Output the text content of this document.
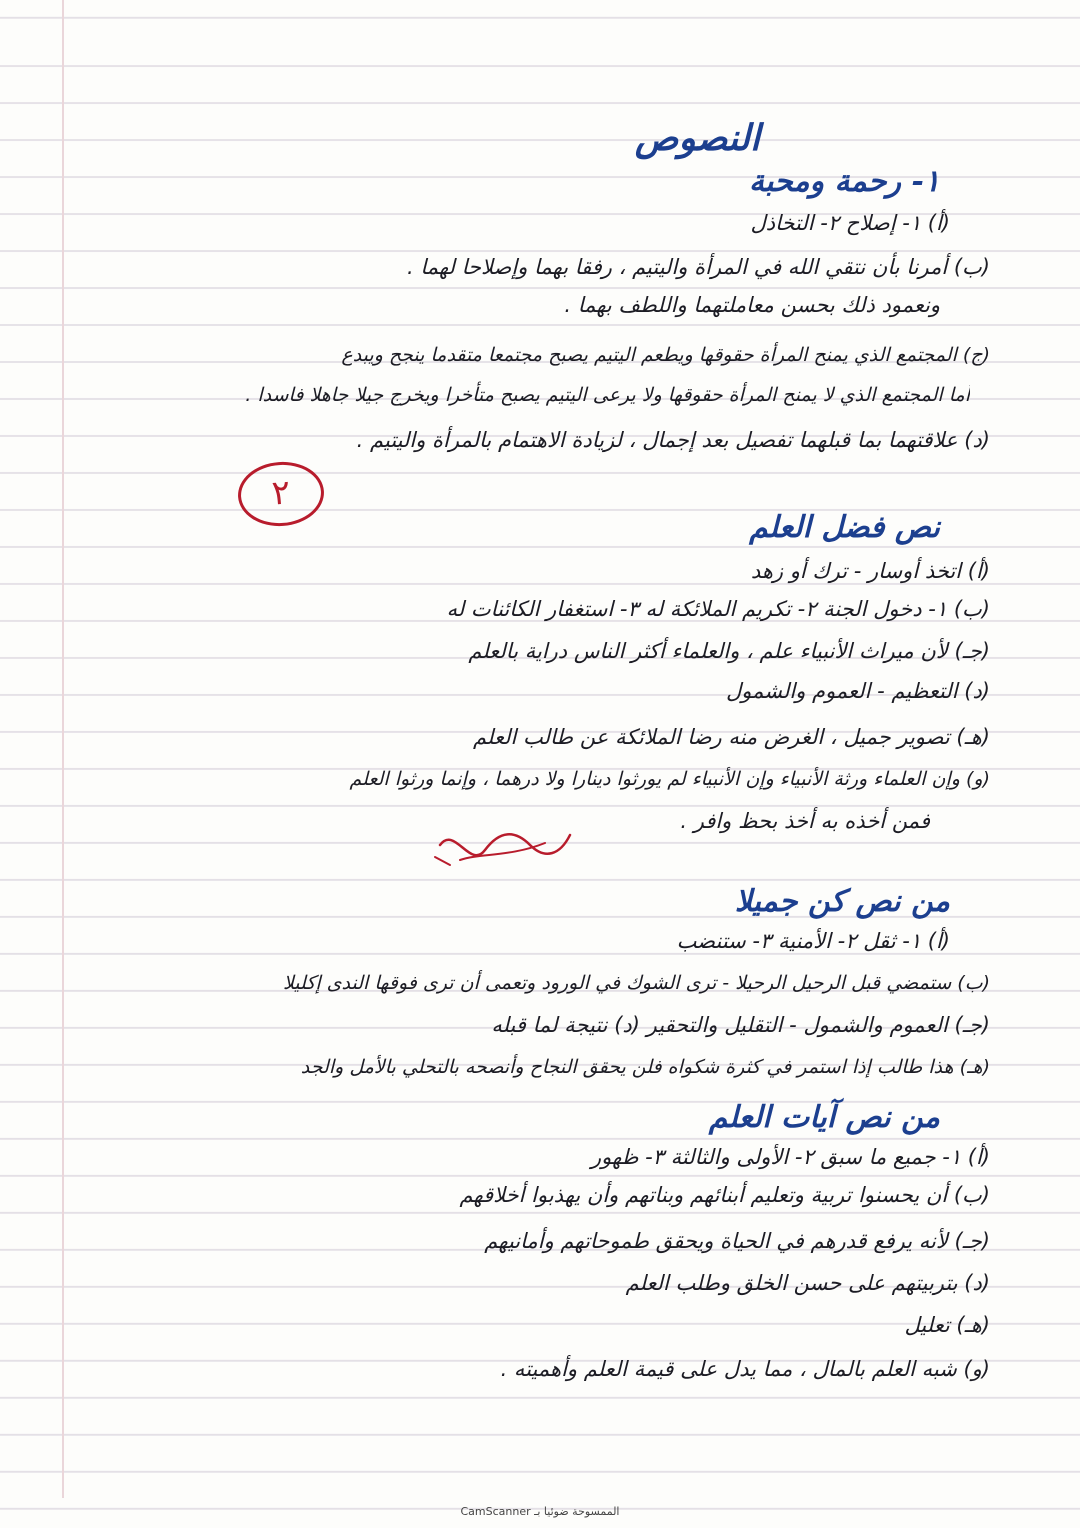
النصوص
١- رحمة ومحبة
(أ) ١- إصلاح ٢- التخاذل
(ب) أمرنا بأن نتقي الله في المرأة واليتيم ، رفقا بهما وإصلاحا لهما .
ونعمود ذلك بحسن معاملتهما واللطف بهما .
(ج) المجتمع الذي يمنح المرأة حقوقها ويطعم اليتيم يصبح مجتمعا متقدما ينجح ويبدع
أما المجتمع الذي لا يمنح المرأة حقوقها ولا يرعى اليتيم يصبح متأخرا ويخرج جيلا جاهلا فاسدا .
(د) علاقتهما بما قبلهما تفصيل بعد إجمال ، لزيادة الاهتمام بالمرأة واليتيم .
٢
نص فضل العلم
(أ) اتخذ أوسار - ترك أو زهد
(ب) ١- دخول الجنة ٢- تكريم الملائكة له ٣- استغفار الكائنات له
(جـ) لأن ميراث الأنبياء علم ، والعلماء أكثر الناس دراية بالعلم
(د) التعظيم - العموم والشمول
(هـ) تصوير جميل ، الغرض منه رضا الملائكة عن طالب العلم
(و) وإن العلماء ورثة الأنبياء وإن الأنبياء لم يورثوا دينارا ولا درهما ، وإنما ورثوا العلم
فمن أخذه به أخذ بحظ وافر .
من نص كن جميلا
(أ) ١- ثقل ٢- الأمنية ٣- ستنضب
(ب) ستمضي قبل الرحيل الرحيلا - ترى الشوك في الورود وتعمى أن ترى فوقها الندى إكليلا
(جـ) العموم والشمول - التقليل والتحقير (د) نتيجة لما قبله
(هـ) هذا طالب إذا استمر في كثرة شكواه فلن يحقق النجاح وأنصحه بالتحلي بالأمل والجد
من نص آيات العلم
(أ) ١- جميع ما سبق ٢- الأولى والثالثة ٣- ظهور
(ب) أن يحسنوا تربية وتعليم أبنائهم وبناتهم وأن يهذبوا أخلاقهم
(جـ) لأنه يرفع قدرهم في الحياة ويحقق طموحاتهم وأمانيهم
(د) بتربيتهم على حسن الخلق وطلب العلم
(هـ) تعليل
(و) شبه العلم بالمال ، مما يدل على قيمة العلم وأهميته .
الممسوحة ضوئيا بـ CamScanner
